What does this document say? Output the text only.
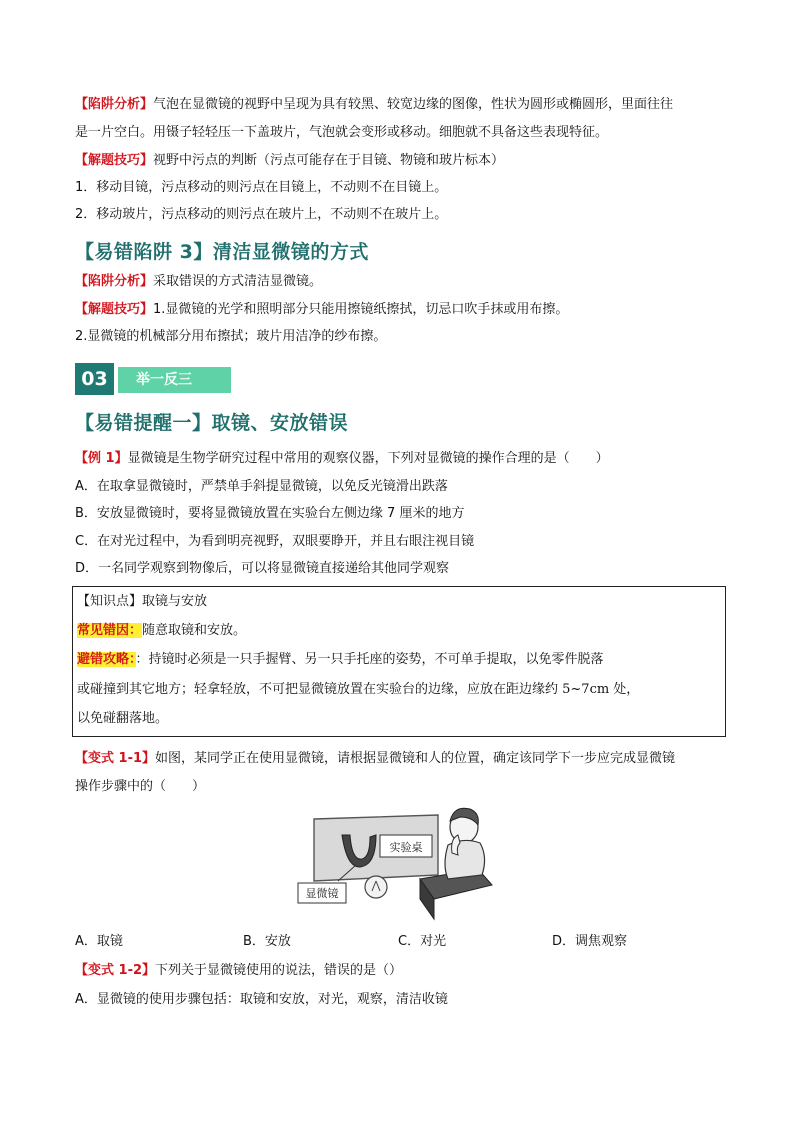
【陷阱分析】气泡在显微镜的视野中呈现为具有较黑、较宽边缘的图像，性状为圆形或椭圆形，里面往往
是一片空白。用镊子轻轻压一下盖玻片，气泡就会变形或移动。细胞就不具备这些表现特征。
【解题技巧】视野中污点的判断（污点可能存在于目镜、物镜和玻片标本）
1．移动目镜，污点移动的则污点在目镜上，不动则不在目镜上。
2．移动玻片，污点移动的则污点在玻片上，不动则不在玻片上。
【易错陷阱 3】清洁显微镜的方式
【陷阱分析】采取错误的方式清洁显微镜。
【解题技巧】1.显微镜的光学和照明部分只能用擦镜纸擦拭，切忌口吹手抹或用布擦。
2.显微镜的机械部分用布擦拭；玻片用洁净的纱布擦。
03	举一反三
【易错提醒一】取镜、安放错误
【例 1】显微镜是生物学研究过程中常用的观察仪器，下列对显微镜的操作合理的是（　　）
A．在取拿显微镜时，严禁单手斜提显微镜，以免反光镜滑出跌落
B．安放显微镜时，要将显微镜放置在实验台左侧边缘 7 厘米的地方
C．在对光过程中，为看到明亮视野，双眼要睁开，并且右眼注视目镜
D．一名同学观察到物像后，可以将显微镜直接递给其他同学观察
【知识点】取镜与安放
常见错因：随意取镜和安放。
避错攻略：：持镜时必须是一只手握臂、另一只手托座的姿势，不可单手提取，以免零件脱落
或碰撞到其它地方；轻拿轻放，不可把显微镜放置在实验台的边缘，应放在距边缘约 5~7cm 处，
以免碰翻落地。
【变式 1-1】如图，某同学正在使用显微镜，请根据显微镜和人的位置，确定该同学下一步应完成显微镜
操作步骤中的（　　）
实验桌
显微镜
A．取镜	B．安放	C．对光	D．调焦观察
【变式 1-2】下列关于显微镜使用的说法，错误的是（）
A．显微镜的使用步骤包括：取镜和安放，对光，观察，清洁收镜
